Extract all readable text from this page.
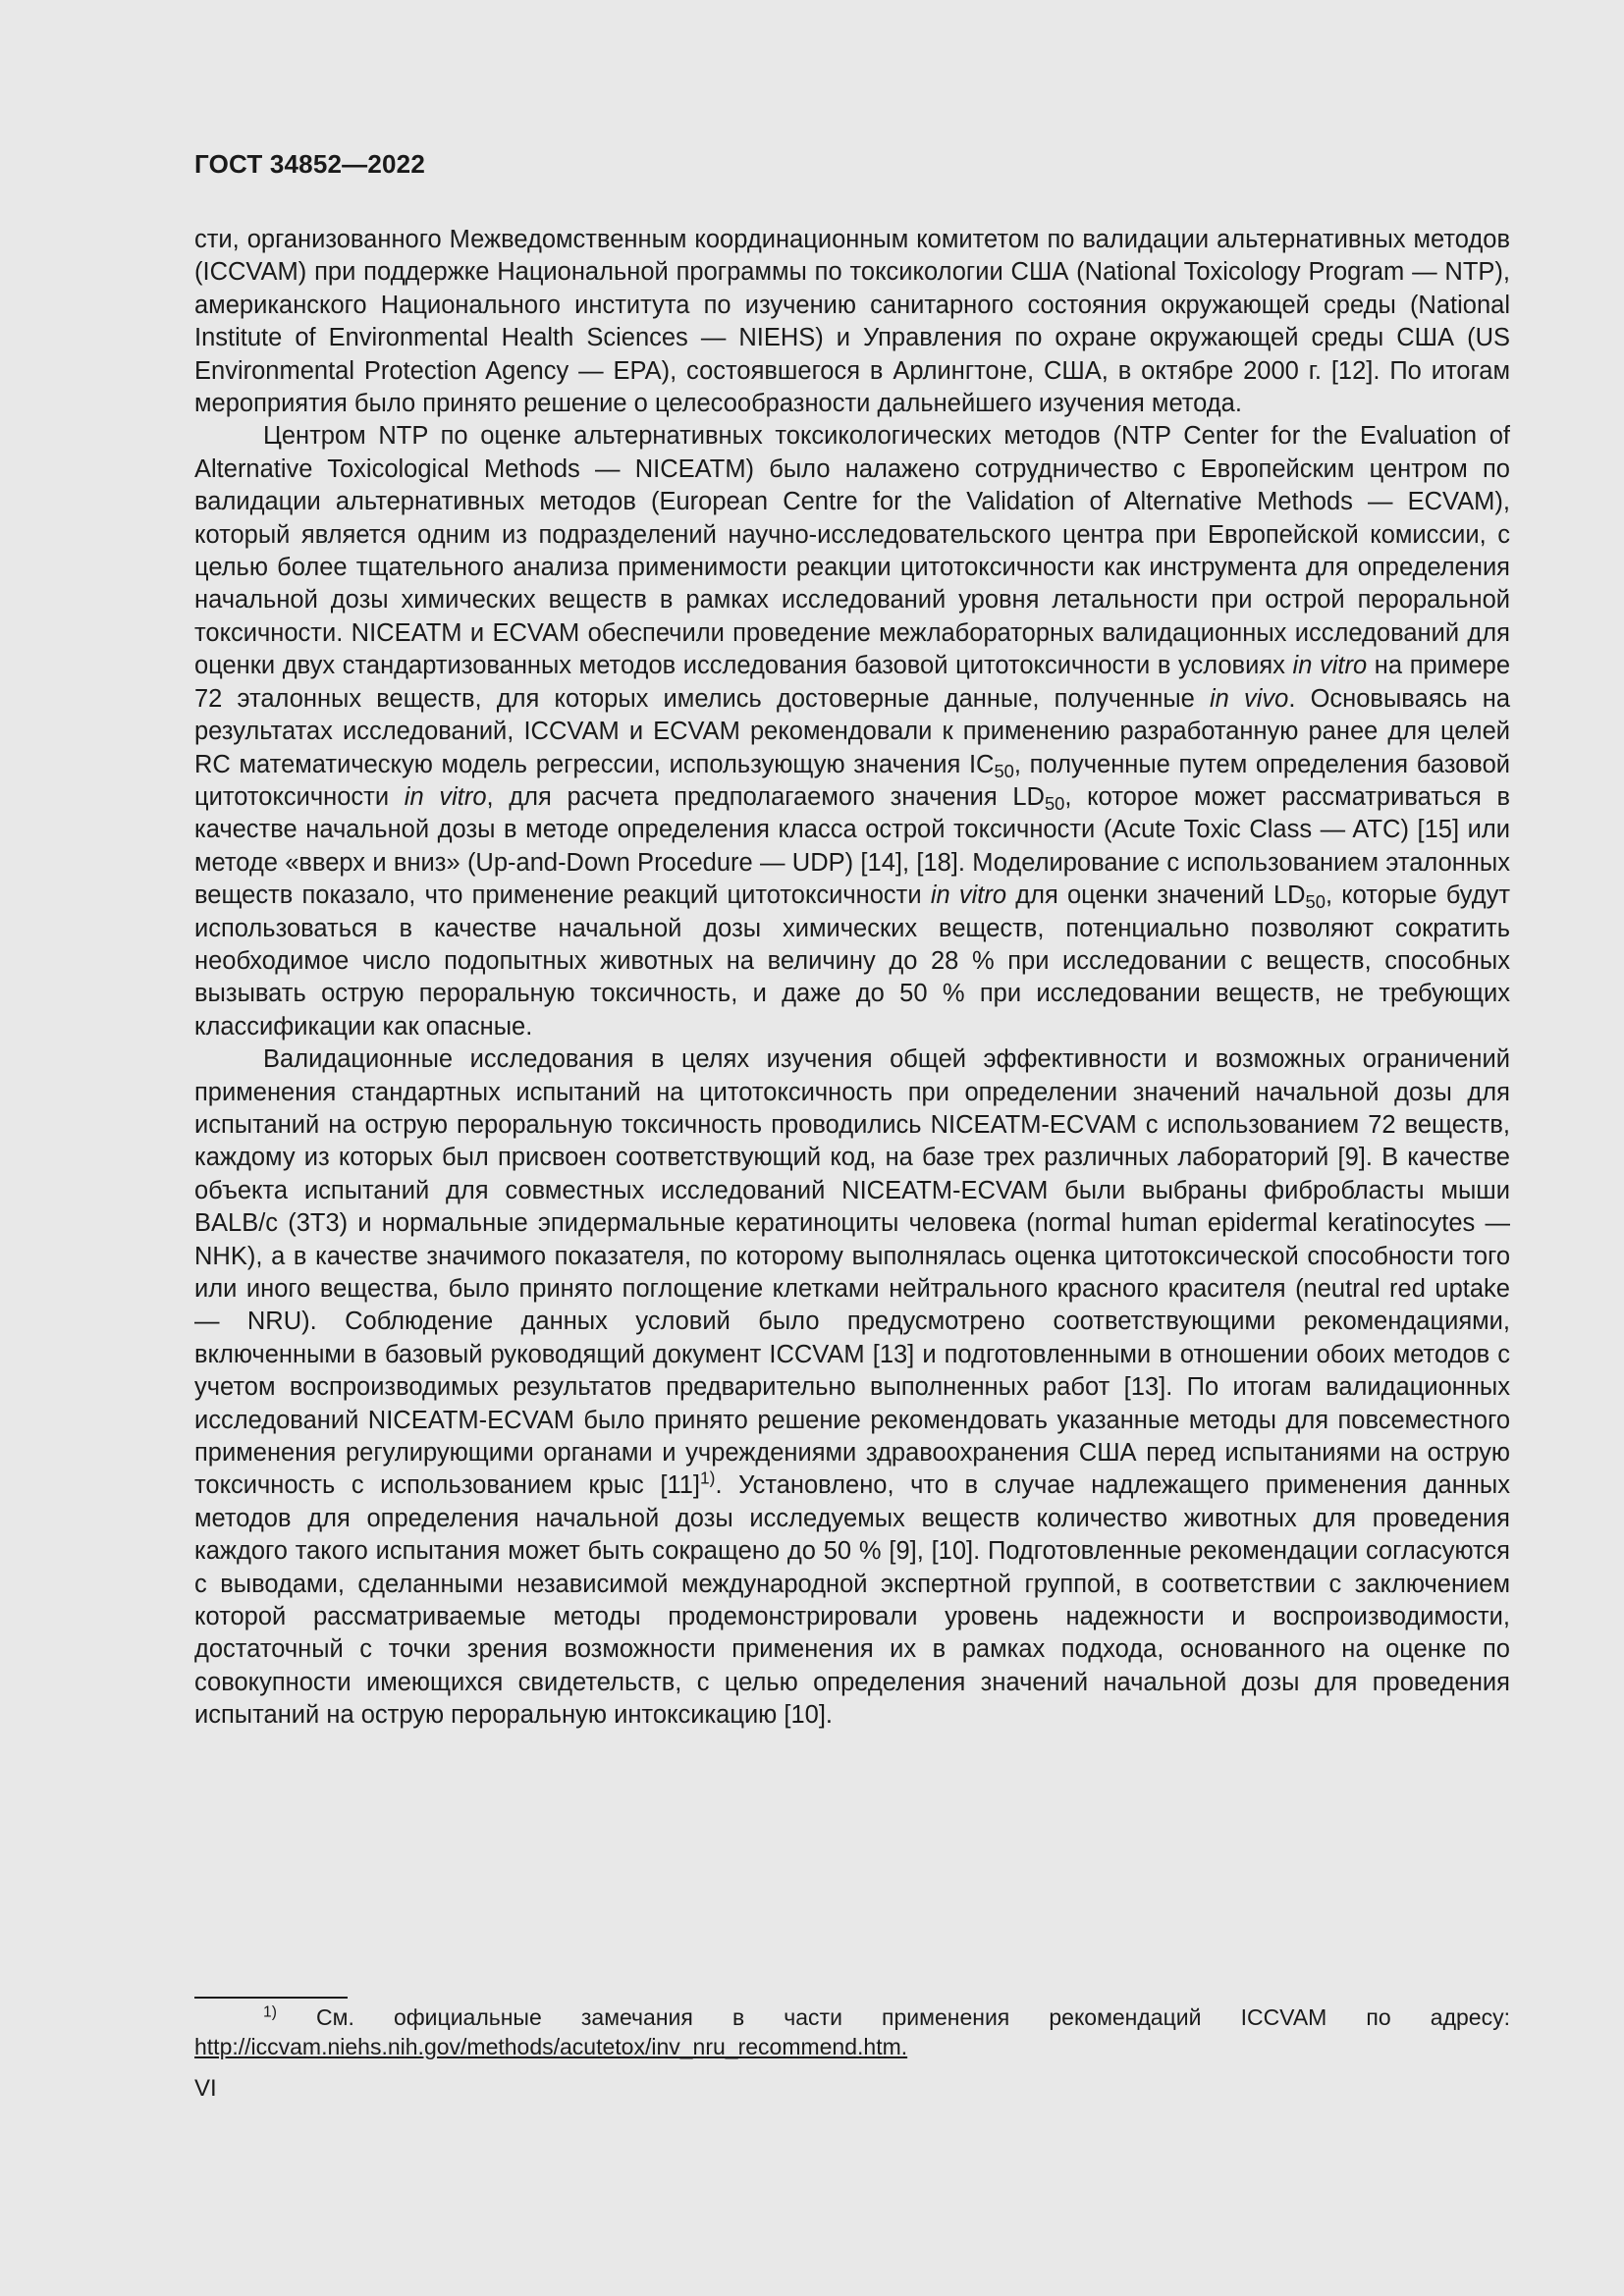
ГОСТ 34852—2022

сти, организованного Межведомственным координационным комитетом по валидации альтернативных методов (ICCVAM) при поддержке Национальной программы по токсикологии США (National Toxicology Program — NTP), американского Национального института по изучению санитарного состояния окружающей среды (National Institute of Environmental Health Sciences — NIEHS) и Управления по охране окружающей среды США (US Environmental Protection Agency — EPA), состоявшегося в Арлингтоне, США, в октябре 2000 г. [12]. По итогам мероприятия было принято решение о целесообразности дальнейшего изучения метода.

Центром NTP по оценке альтернативных токсикологических методов (NTP Center for the Evaluation of Alternative Toxicological Methods — NICEATM) было налажено сотрудничество с Европейским центром по валидации альтернативных методов (European Centre for the Validation of Alternative Methods — ECVAM), который является одним из подразделений научно-исследовательского центра при Европейской комиссии, с целью более тщательного анализа применимости реакции цитотоксичности как инструмента для определения начальной дозы химических веществ в рамках исследований уровня летальности при острой пероральной токсичности. NICEATM и ECVAM обеспечили проведение межлабораторных валидационных исследований для оценки двух стандартизованных методов исследования базовой цитотоксичности в условиях in vitro на примере 72 эталонных веществ, для которых имелись достоверные данные, полученные in vivo. Основываясь на результатах исследований, ICCVAM и ECVAM рекомендовали к применению разработанную ранее для целей RC математическую модель регрессии, использующую значения $IC_{50}$, полученные путем определения базовой цитотоксичности in vitro, для расчета предполагаемого значения $LD_{50}$, которое может рассматриваться в качестве начальной дозы в методе определения класса острой токсичности (Acute Toxic Class — ATC) [15] или методе «вверх и вниз» (Up-and-Down Procedure — UDP) [14], [18]. Моделирование с использованием эталонных веществ показало, что применение реакций цитотоксичности in vitro для оценки значений $LD_{50}$, которые будут использоваться в качестве начальной дозы химических веществ, потенциально позволяют сократить необходимое число подопытных животных на величину до 28 % при исследовании с веществ, способных вызывать острую пероральную токсичность, и даже до 50 % при исследовании веществ, не требующих классификации как опасные.

Валидационные исследования в целях изучения общей эффективности и возможных ограничений применения стандартных испытаний на цитотоксичность при определении значений начальной дозы для испытаний на острую пероральную токсичность проводились NICEATM-ECVAM с использованием 72 веществ, каждому из которых был присвоен соответствующий код, на базе трех различных лабораторий [9]. В качестве объекта испытаний для совместных исследований NICEATM-ECVAM были выбраны фибробласты мыши BALB/c (3T3) и нормальные эпидермальные кератиноциты человека (normal human epidermal keratinocytes — NHK), а в качестве значимого показателя, по которому выполнялась оценка цитотоксической способности того или иного вещества, было принято поглощение клетками нейтрального красного красителя (neutral red uptake — NRU). Соблюдение данных условий было предусмотрено соответствующими рекомендациями, включенными в базовый руководящий документ ICCVAM [13] и подготовленными в отношении обоих методов с учетом воспроизводимых результатов предварительно выполненных работ [13]. По итогам валидационных исследований NICEATM-ECVAM было принято решение рекомендовать указанные методы для повсеместного применения регулирующими органами и учреждениями здравоохранения США перед испытаниями на острую токсичность с использованием крыс $[11]^{1)}$. Установлено, что в случае надлежащего применения данных методов для определения начальной дозы исследуемых веществ количество животных для проведения каждого такого испытания может быть сокращено до 50 % [9], [10]. Подготовленные рекомендации согласуются с выводами, сделанными независимой международной экспертной группой, в соответствии с заключением которой рассматриваемые методы продемонстрировали уровень надежности и воспроизводимости, достаточный с точки зрения возможности применения их в рамках подхода, основанного на оценке по совокупности имеющихся свидетельств, с целью определения значений начальной дозы для проведения испытаний на острую пероральную интоксикацию [10].

$^{1)}$ См. официальные замечания в части применения рекомендаций ICCVAM по адресу: http://iccvam.niehs.nih.gov/methods/acutetox/inv_nru_recommend.htm.
VI
